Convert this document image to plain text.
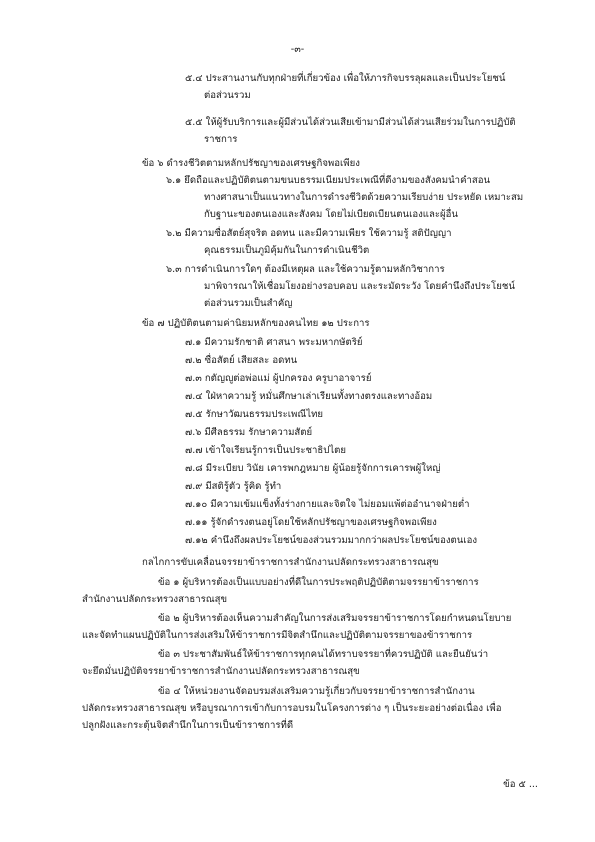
-๓-
๕.๔ ประสานงานกับทุกฝ่ายที่เกี่ยวข้อง เพื่อให้ภารกิจบรรลุผลและเป็นประโยชน์
ต่อส่วนรวม
๕.๕ ให้ผู้รับบริการและผู้มีส่วนได้ส่วนเสียเข้ามามีส่วนได้ส่วนเสียร่วมในการปฏิบัติ
ราชการ
ข้อ ๖ ดำรงชีวิตตามหลักปรัชญาของเศรษฐกิจพอเพียง
๖.๑ ยึดถือและปฏิบัติตนตามขนบธรรมเนียมประเพณีที่ดีงามของสังคมนำคำสอน
ทางศาสนาเป็นแนวทางในการดำรงชีวิตด้วยความเรียบง่าย ประหยัด เหมาะสม
กับฐานะของตนเองและสังคม โดยไม่เบียดเบียนตนเองและผู้อื่น
๖.๒ มีความซื่อสัตย์สุจริต อดทน และมีความเพียร ใช้ความรู้ สติปัญญา
คุณธรรมเป็นภูมิคุ้มกันในการดำเนินชีวิต
๖.๓ การดำเนินการใดๆ ต้องมีเหตุผล และใช้ความรู้ตามหลักวิชาการ
มาพิจารณาให้เชื่อมโยงอย่างรอบคอบ และระมัดระวัง โดยคำนึงถึงประโยชน์
ต่อส่วนรวมเป็นสำคัญ
ข้อ ๗ ปฏิบัติตนตามค่านิยมหลักของคนไทย ๑๒ ประการ
๗.๑ มีความรักชาติ ศาสนา พระมหากษัตริย์
๗.๒ ซื่อสัตย์ เสียสละ อดทน
๗.๓ กตัญญูต่อพ่อแม่ ผู้ปกครอง ครูบาอาจารย์
๗.๔ ใฝ่หาความรู้ หมั่นศึกษาเล่าเรียนทั้งทางตรงและทางอ้อม
๗.๕ รักษาวัฒนธรรมประเพณีไทย
๗.๖ มีศีลธรรม รักษาความสัตย์
๗.๗ เข้าใจเรียนรู้การเป็นประชาธิปไตย
๗.๘ มีระเบียบ วินัย เคารพกฎหมาย ผู้น้อยรู้จักการเคารพผู้ใหญ่
๗.๙ มีสติรู้ตัว รู้คิด รู้ทำ
๗.๑๐ มีความเข้มแข็งทั้งร่างกายและจิตใจ ไม่ยอมแพ้ต่ออำนาจฝ่ายต่ำ
๗.๑๑ รู้จักดำรงตนอยู่โดยใช้หลักปรัชญาของเศรษฐกิจพอเพียง
๗.๑๒ คำนึงถึงผลประโยชน์ของส่วนรวมมากกว่าผลประโยชน์ของตนเอง
กลไกการขับเคลื่อนจรรยาข้าราชการสำนักงานปลัดกระทรวงสาธารณสุข
ข้อ ๑ ผู้บริหารต้องเป็นแบบอย่างที่ดีในการประพฤติปฏิบัติตามจรรยาข้าราชการ
สำนักงานปลัดกระทรวงสาธารณสุข
ข้อ ๒ ผู้บริหารต้องเห็นความสำคัญในการส่งเสริมจรรยาข้าราชการโดยกำหนดนโยบาย
และจัดทำแผนปฏิบัติในการส่งเสริมให้ข้าราชการมีจิตสำนึกและปฏิบัติตามจรรยาของข้าราชการ
ข้อ ๓ ประชาสัมพันธ์ให้ข้าราชการทุกคนได้ทราบจรรยาที่ควรปฏิบัติ และยืนยันว่า
จะยึดมั่นปฏิบัติจรรยาข้าราชการสำนักงานปลัดกระทรวงสาธารณสุข
ข้อ ๔ ให้หน่วยงานจัดอบรมส่งเสริมความรู้เกี่ยวกับจรรยาข้าราชการสำนักงาน
ปลัดกระทรวงสาธารณสุข หรือบูรณาการเข้ากับการอบรมในโครงการต่าง ๆ เป็นระยะอย่างต่อเนื่อง เพื่อ
ปลูกฝังและกระตุ้นจิตสำนึกในการเป็นข้าราชการที่ดี
ข้อ ๕ ...
